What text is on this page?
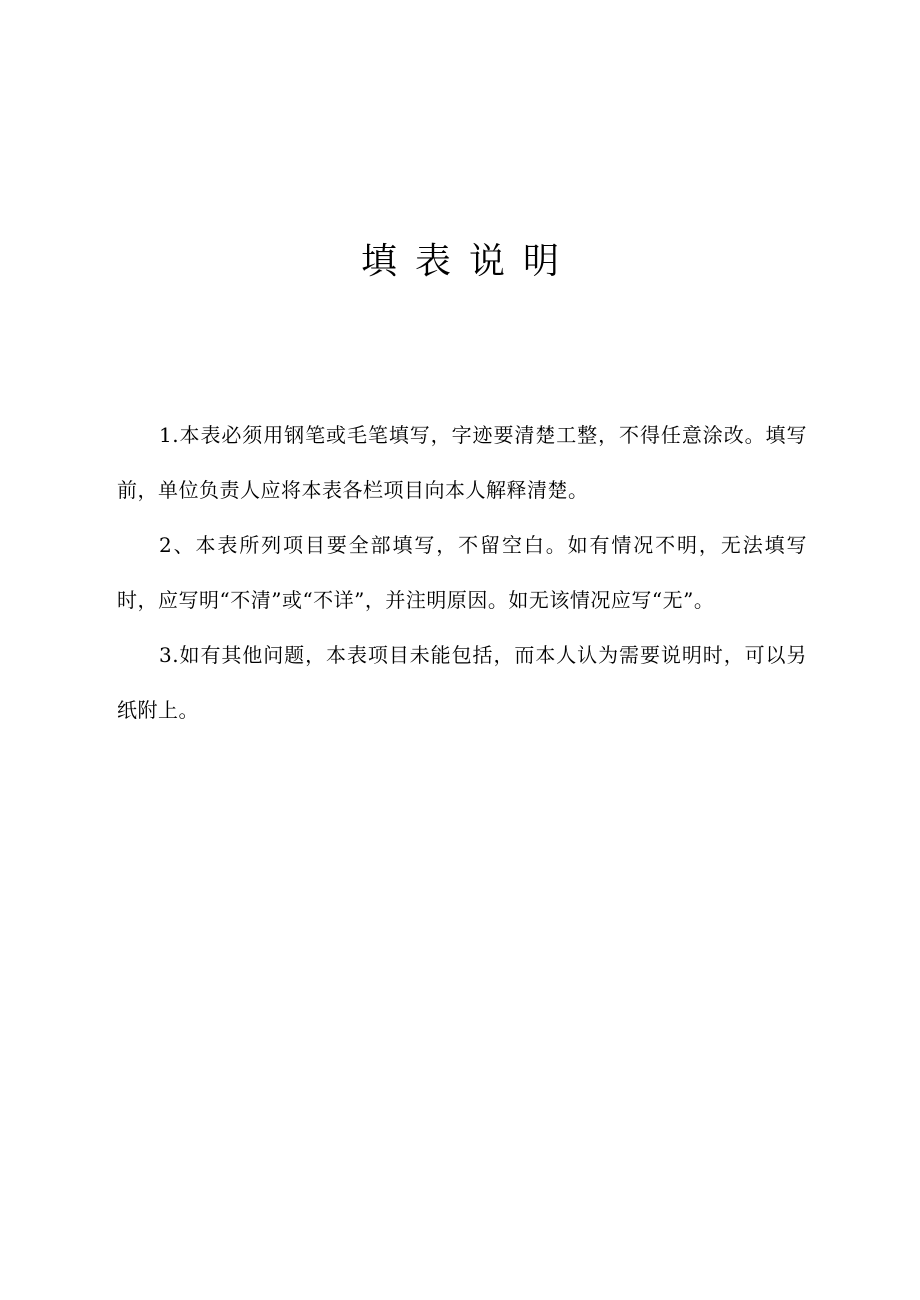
填表说明

1.本表必须用钢笔或毛笔填写，字迹要清楚工整，不得任意涂改。填写前，单位负责人应将本表各栏项目向本人解释清楚。

2、本表所列项目要全部填写，不留空白。如有情况不明，无法填写时，应写明“不清”或“不详”，并注明原因。如无该情况应写“无”。

3.如有其他问题，本表项目未能包括，而本人认为需要说明时，可以另纸附上。
